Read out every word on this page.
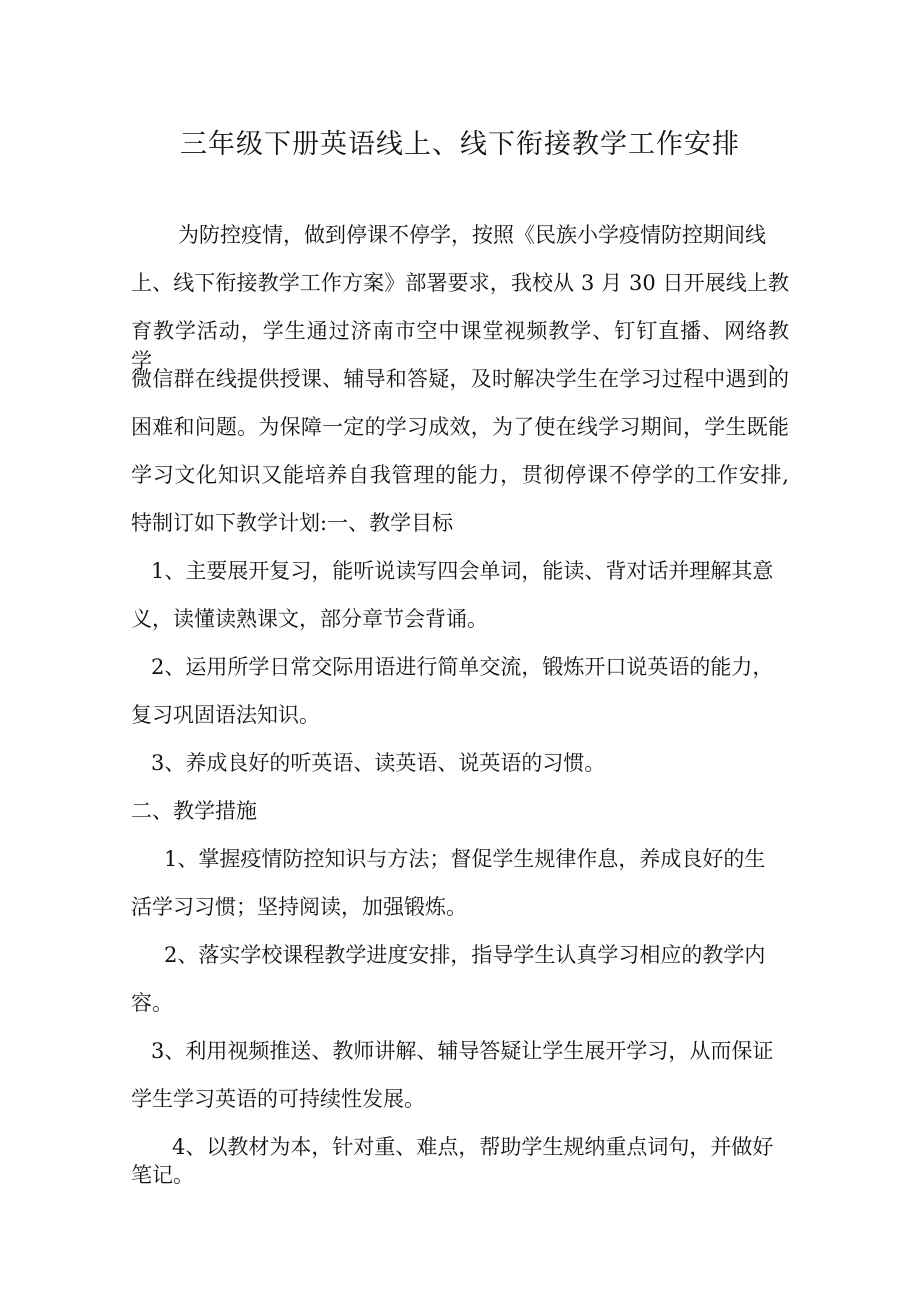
三年级下册英语线上、线下衔接教学工作安排

为防控疫情，做到停课不停学，按照《民族小学疫情防控期间线

上、线下衔接教学工作方案》部署要求，我校从 3 月 30 日开展线上教

育教学活动，学生通过济南市空中课堂视频教学、钉钉直播、网络教学、

微信群在线提供授课、辅导和答疑，及时解决学生在学习过程中遇到的

困难和问题。为保障一定的学习成效，为了使在线学习期间，学生既能

学习文化知识又能培养自我管理的能力，贯彻停课不停学的工作安排,

特制订如下教学计划:一、教学目标

1、主要展开复习，能听说读写四会单词，能读、背对话并理解其意

义，读懂读熟课文，部分章节会背诵。

2、运用所学日常交际用语进行简单交流，锻炼开口说英语的能力，

复习巩固语法知识。

3、养成良好的听英语、读英语、说英语的习惯。

二、教学措施

1、掌握疫情防控知识与方法；督促学生规律作息，养成良好的生

活学习习惯；坚持阅读，加强锻炼。

2、落实学校课程教学进度安排，指导学生认真学习相应的教学内

容。

3、利用视频推送、教师讲解、辅导答疑让学生展开学习，从而保证

学生学习英语的可持续性发展。

4、以教材为本，针对重、难点，帮助学生规纳重点词句，并做好

笔记。
